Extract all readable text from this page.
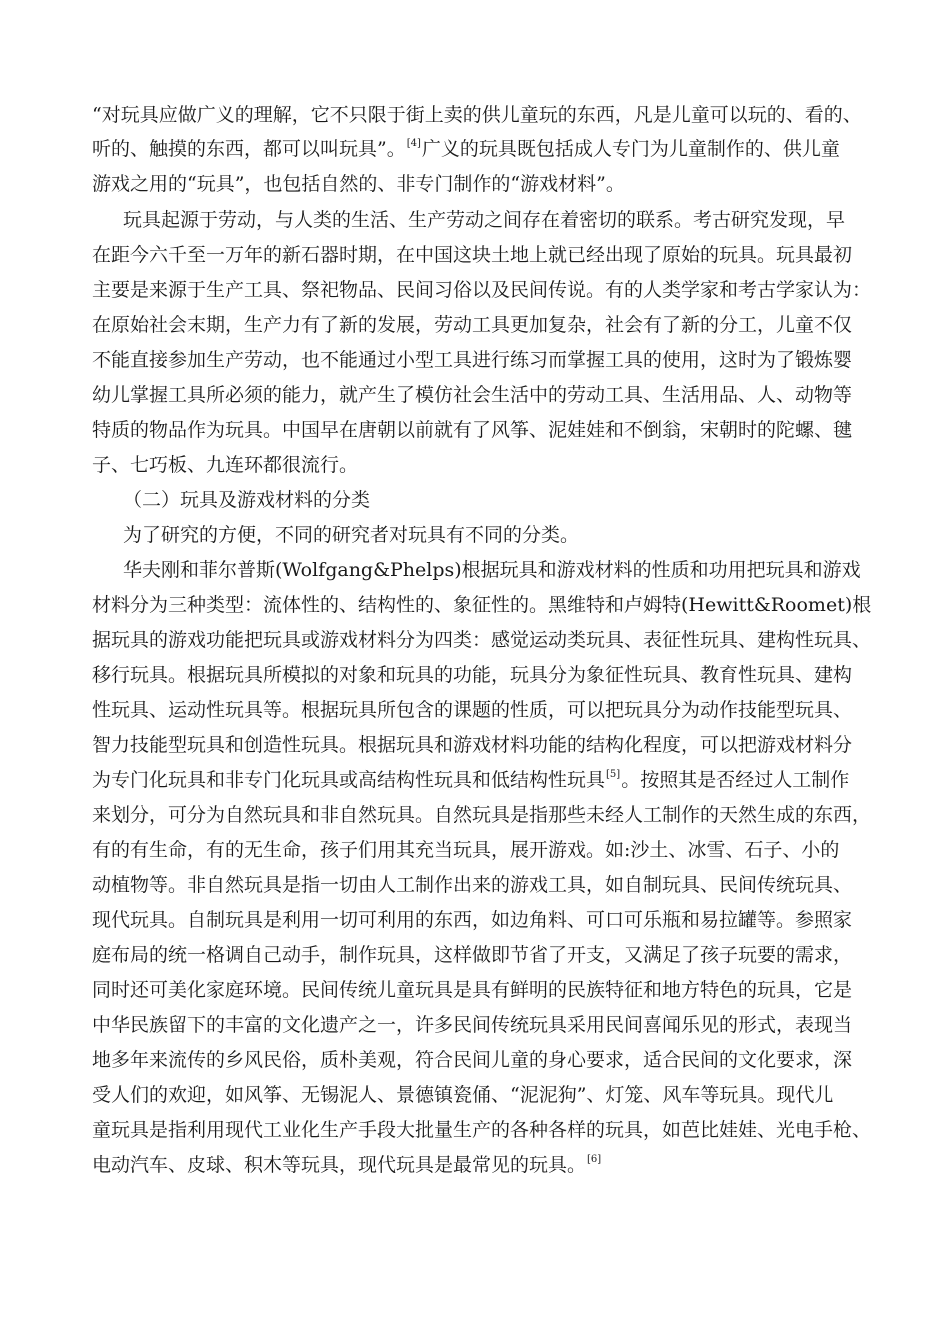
“对玩具应做广义的理解，它不只限于街上卖的供儿童玩的东西，凡是儿童可以玩的、看的、
听的、触摸的东西，都可以叫玩具”。[4]广义的玩具既包括成人专门为儿童制作的、供儿童
游戏之用的“玩具”，也包括自然的、非专门制作的“游戏材料”。
玩具起源于劳动，与人类的生活、生产劳动之间存在着密切的联系。考古研究发现，早
在距今六千至一万年的新石器时期，在中国这块土地上就已经出现了原始的玩具。玩具最初
主要是来源于生产工具、祭祀物品、民间习俗以及民间传说。有的人类学家和考古学家认为：
在原始社会末期，生产力有了新的发展，劳动工具更加复杂，社会有了新的分工，儿童不仅
不能直接参加生产劳动，也不能通过小型工具进行练习而掌握工具的使用，这时为了锻炼婴
幼儿掌握工具所必须的能力，就产生了模仿社会生活中的劳动工具、生活用品、人、动物等
特质的物品作为玩具。中国早在唐朝以前就有了风筝、泥娃娃和不倒翁，宋朝时的陀螺、毽
子、七巧板、九连环都很流行。
（二）玩具及游戏材料的分类
为了研究的方便，不同的研究者对玩具有不同的分类。
华夫刚和菲尔普斯(Wolfgang&Phelps)根据玩具和游戏材料的性质和功用把玩具和游戏
材料分为三种类型：流体性的、结构性的、象征性的。黑维特和卢姆特(Hewitt&Roomet)根
据玩具的游戏功能把玩具或游戏材料分为四类：感觉运动类玩具、表征性玩具、建构性玩具、
移行玩具。根据玩具所模拟的对象和玩具的功能，玩具分为象征性玩具、教育性玩具、建构
性玩具、运动性玩具等。根据玩具所包含的课题的性质，可以把玩具分为动作技能型玩具、
智力技能型玩具和创造性玩具。根据玩具和游戏材料功能的结构化程度，可以把游戏材料分
为专门化玩具和非专门化玩具或高结构性玩具和低结构性玩具[5]。按照其是否经过人工制作
来划分，可分为自然玩具和非自然玩具。自然玩具是指那些未经人工制作的天然生成的东西，
有的有生命，有的无生命，孩子们用其充当玩具，展开游戏。如:沙土、冰雪、石子、小的
动植物等。非自然玩具是指一切由人工制作出来的游戏工具，如自制玩具、民间传统玩具、
现代玩具。自制玩具是利用一切可利用的东西，如边角料、可口可乐瓶和易拉罐等。参照家
庭布局的统一格调自己动手，制作玩具，这样做即节省了开支，又满足了孩子玩要的需求，
同时还可美化家庭环境。民间传统儿童玩具是具有鲜明的民族特征和地方特色的玩具，它是
中华民族留下的丰富的文化遗产之一，许多民间传统玩具采用民间喜闻乐见的形式，表现当
地多年来流传的乡风民俗，质朴美观，符合民间儿童的身心要求，适合民间的文化要求，深
受人们的欢迎，如风筝、无锡泥人、景德镇瓷俑、“泥泥狗”、灯笼、风车等玩具。现代儿
童玩具是指利用现代工业化生产手段大批量生产的各种各样的玩具，如芭比娃娃、光电手枪、
电动汽车、皮球、积木等玩具，现代玩具是最常见的玩具。[6]
